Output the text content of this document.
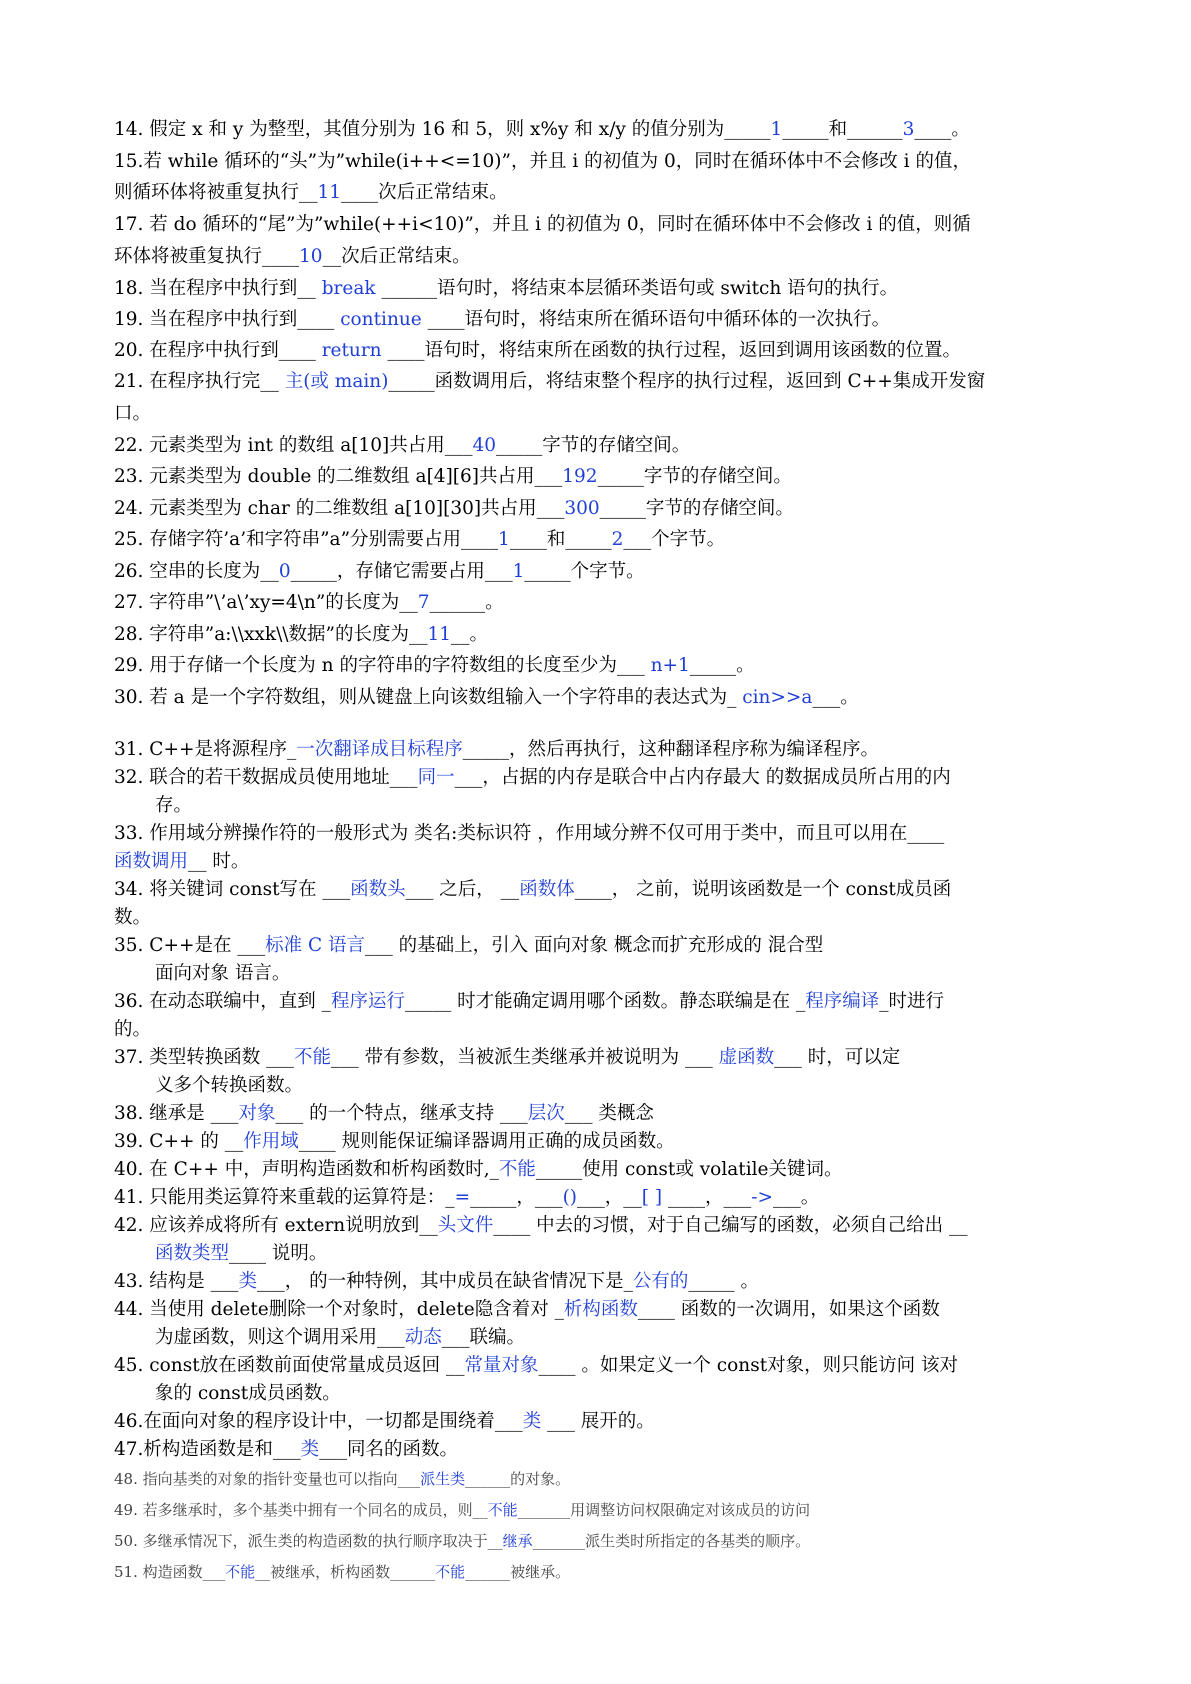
14. 假定 x 和 y 为整型，其值分别为 16 和 5，则 x%y 和 x/y 的值分别为_____1_____和______3____。
15.若 while 循环的“头”为”while(i++<=10)”，并且 i 的初值为 0，同时在循环体中不会修改 i 的值，
则循环体将被重复执行__11____次后正常结束。
17. 若 do 循环的“尾”为”while(++i<10)”，并且 i 的初值为 0，同时在循环体中不会修改 i 的值，则循
环体将被重复执行____10__次后正常结束。
18. 当在程序中执行到__ break ______语句时，将结束本层循环类语句或 switch 语句的执行。
19. 当在程序中执行到____ continue ____语句时，将结束所在循环语句中循环体的一次执行。
20. 在程序中执行到____ return ____语句时，将结束所在函数的执行过程，返回到调用该函数的位置。
21. 在程序执行完__ 主(或 main)_____函数调用后，将结束整个程序的执行过程，返回到 C++集成开发窗
口。
22. 元素类型为 int 的数组 a[10]共占用___40_____字节的存储空间。
23. 元素类型为 double 的二维数组 a[4][6]共占用___192_____字节的存储空间。
24. 元素类型为 char 的二维数组 a[10][30]共占用___300_____字节的存储空间。
25. 存储字符’a’和字符串”a”分别需要占用____1____和_____2___个字节。
26. 空串的长度为__0_____，存储它需要占用___1_____个字节。
27. 字符串”\’a\’xy=4\n”的长度为__7______。
28. 字符串”a:\\xxk\\数据”的长度为__11__。
29. 用于存储一个长度为 n 的字符串的字符数组的长度至少为___ n+1_____。
30. 若 a 是一个字符数组，则从键盘上向该数组输入一个字符串的表达式为_ cin>>a___。
31. C++是将源程序_一次翻译成目标程序_____，然后再执行，这种翻译程序称为编译程序。
32. 联合的若干数据成员使用地址___同一___，占据的内存是联合中占内存最大 的数据成员所占用的内
存。
33. 作用域分辨操作符的一般形式为 类名:类标识符 ，作用域分辨不仅可用于类中，而且可以用在____
函数调用__ 时。
34. 将关键词 const写在 ___函数头___ 之后， __函数体____， 之前，说明该函数是一个 const成员函
数。
35. C++是在 ___标准 C 语言___ 的基础上，引入 面向对象 概念而扩充形成的 混合型
面向对象 语言。
36. 在动态联编中，直到 _程序运行_____ 时才能确定调用哪个函数。静态联编是在 _程序编译_时进行
的。
37. 类型转换函数 ___不能___ 带有参数，当被派生类继承并被说明为 ___ 虚函数___ 时，可以定
义多个转换函数。
38. 继承是 ___对象___ 的一个特点，继承支持 ___层次___ 类概念
39. C++ 的 __作用域____ 规则能保证编译器调用正确的成员函数。
40. 在 C++ 中，声明构造函数和析构函数时,_不能_____使用 const或 volatile关键词。
41. 只能用类运算符来重载的运算符是：_=_____，___()___，__[ ] ____，___->___。
42. 应该养成将所有 extern说明放到__头文件____ 中去的习惯，对于自己编写的函数，必须自己给出 __
函数类型____ 说明。
43. 结构是 ___类___， 的一种特例，其中成员在缺省情况下是_公有的_____ 。
44. 当使用 delete删除一个对象时，delete隐含着对 _析构函数____ 函数的一次调用，如果这个函数
为虚函数，则这个调用采用___动态___联编。
45. const放在函数前面使常量成员返回 __常量对象____ 。如果定义一个 const对象，则只能访问 该对
象的 const成员函数。
46.在面向对象的程序设计中，一切都是围绕着___类 ___ 展开的。
47.析构造函数是和___类___同名的函数。
48. 指向基类的对象的指针变量也可以指向___派生类______的对象。
49. 若多继承时，多个基类中拥有一个同名的成员，则__不能_______用调整访问权限确定对该成员的访问
50. 多继承情况下，派生类的构造函数的执行顺序取决于__继承_______派生类时所指定的各基类的顺序。
51. 构造函数___不能__被继承，析构函数______不能______被继承。
